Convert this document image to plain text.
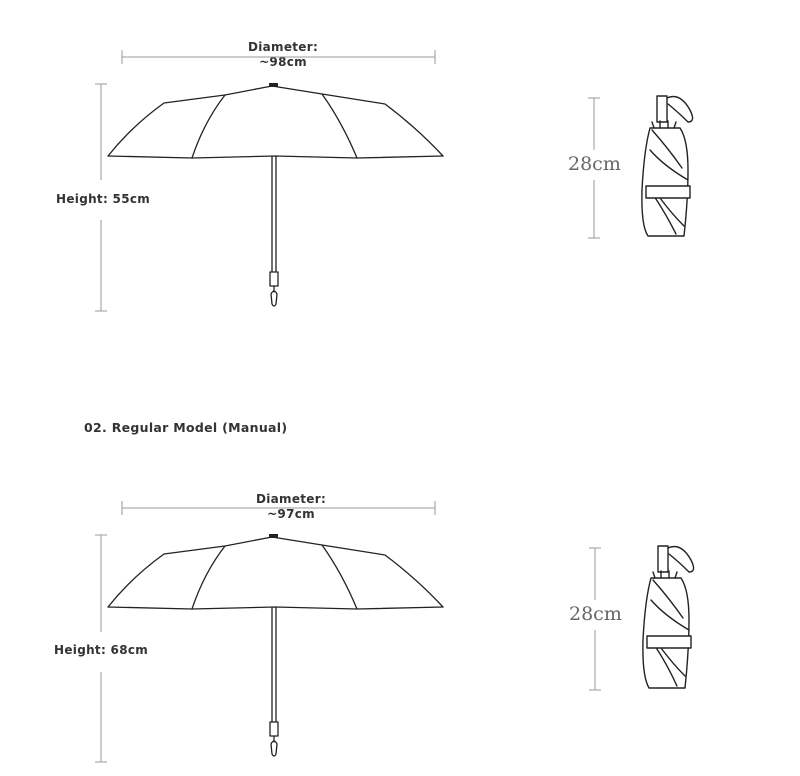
Diameter:
~98cm
Height: 55cm
28cm
02. Regular Model (Manual)
Diameter:
~97cm
Height: 68cm
28cm
